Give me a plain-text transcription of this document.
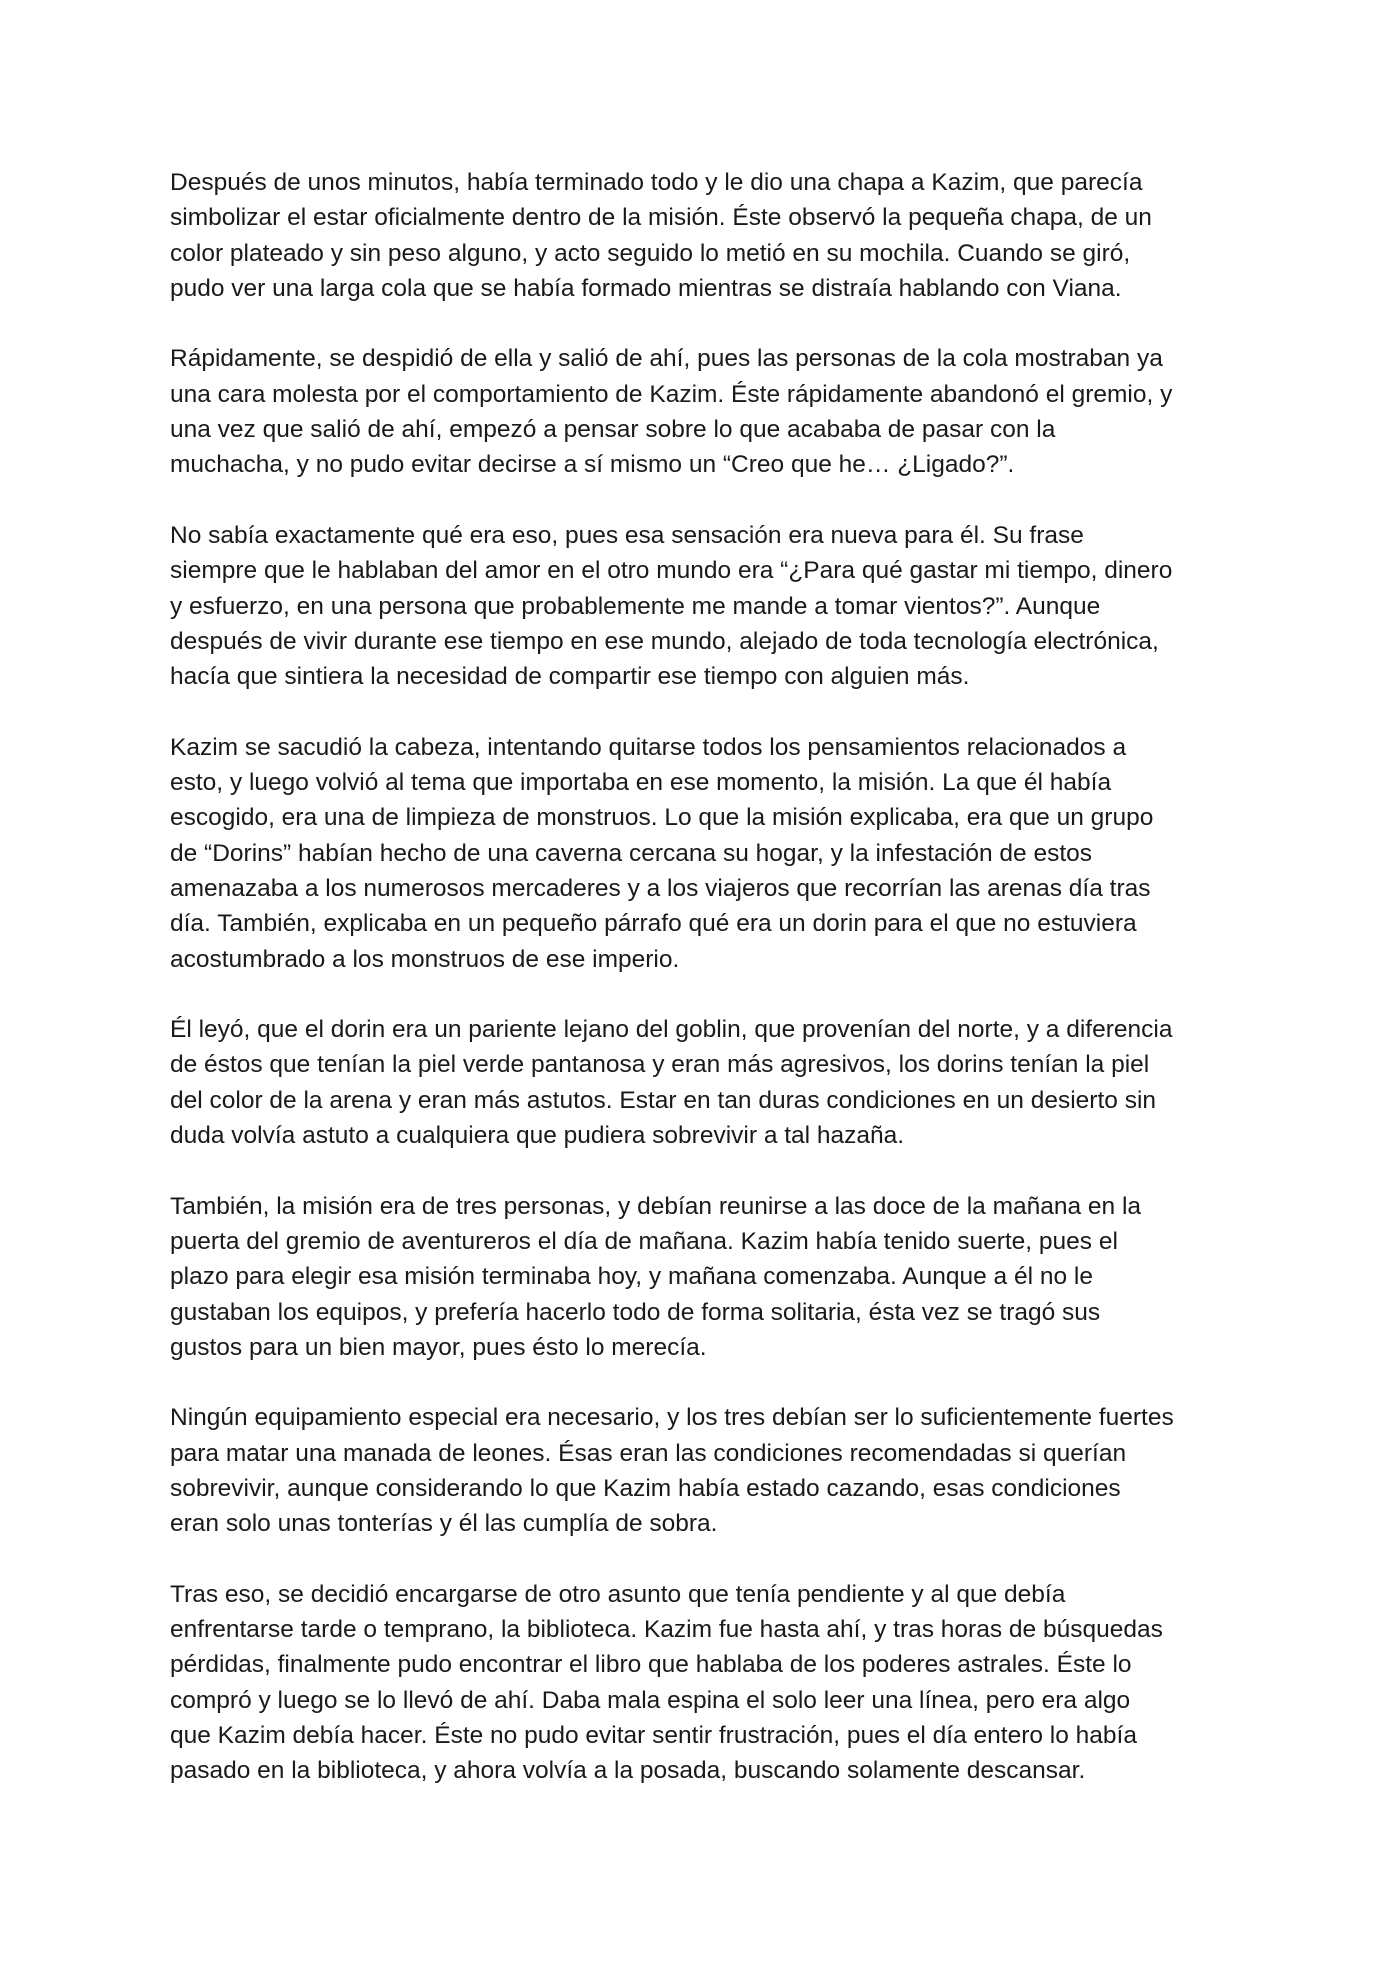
Después de unos minutos, había terminado todo y le dio una chapa a Kazim, que parecía
simbolizar el estar oficialmente dentro de la misión. Éste observó la pequeña chapa, de un
color plateado y sin peso alguno, y acto seguido lo metió en su mochila. Cuando se giró,
pudo ver una larga cola que se había formado mientras se distraía hablando con Viana.

Rápidamente, se despidió de ella y salió de ahí, pues las personas de la cola mostraban ya
una cara molesta por el comportamiento de Kazim. Éste rápidamente abandonó el gremio, y
una vez que salió de ahí, empezó a pensar sobre lo que acababa de pasar con la
muchacha, y no pudo evitar decirse a sí mismo un “Creo que he… ¿Ligado?”.

No sabía exactamente qué era eso, pues esa sensación era nueva para él. Su frase
siempre que le hablaban del amor en el otro mundo era “¿Para qué gastar mi tiempo, dinero
y esfuerzo, en una persona que probablemente me mande a tomar vientos?”. Aunque
después de vivir durante ese tiempo en ese mundo, alejado de toda tecnología electrónica,
hacía que sintiera la necesidad de compartir ese tiempo con alguien más.

Kazim se sacudió la cabeza, intentando quitarse todos los pensamientos relacionados a
esto, y luego volvió al tema que importaba en ese momento, la misión. La que él había
escogido, era una de limpieza de monstruos. Lo que la misión explicaba, era que un grupo
de “Dorins” habían hecho de una caverna cercana su hogar, y la infestación de estos
amenazaba a los numerosos mercaderes y a los viajeros que recorrían las arenas día tras
día. También, explicaba en un pequeño párrafo qué era un dorin para el que no estuviera
acostumbrado a los monstruos de ese imperio.

Él leyó, que el dorin era un pariente lejano del goblin, que provenían del norte, y a diferencia
de éstos que tenían la piel verde pantanosa y eran más agresivos, los dorins tenían la piel
del color de la arena y eran más astutos. Estar en tan duras condiciones en un desierto sin
duda volvía astuto a cualquiera que pudiera sobrevivir a tal hazaña.

También, la misión era de tres personas, y debían reunirse a las doce de la mañana en la
puerta del gremio de aventureros el día de mañana. Kazim había tenido suerte, pues el
plazo para elegir esa misión terminaba hoy, y mañana comenzaba. Aunque a él no le
gustaban los equipos, y prefería hacerlo todo de forma solitaria, ésta vez se tragó sus
gustos para un bien mayor, pues ésto lo merecía.

Ningún equipamiento especial era necesario, y los tres debían ser lo suficientemente fuertes
para matar una manada de leones. Ésas eran las condiciones recomendadas si querían
sobrevivir, aunque considerando lo que Kazim había estado cazando, esas condiciones
eran solo unas tonterías y él las cumplía de sobra.

Tras eso, se decidió encargarse de otro asunto que tenía pendiente y al que debía
enfrentarse tarde o temprano, la biblioteca. Kazim fue hasta ahí, y tras horas de búsquedas
pérdidas, finalmente pudo encontrar el libro que hablaba de los poderes astrales. Éste lo
compró y luego se lo llevó de ahí. Daba mala espina el solo leer una línea, pero era algo
que Kazim debía hacer. Éste no pudo evitar sentir frustración, pues el día entero lo había
pasado en la biblioteca, y ahora volvía a la posada, buscando solamente descansar.
